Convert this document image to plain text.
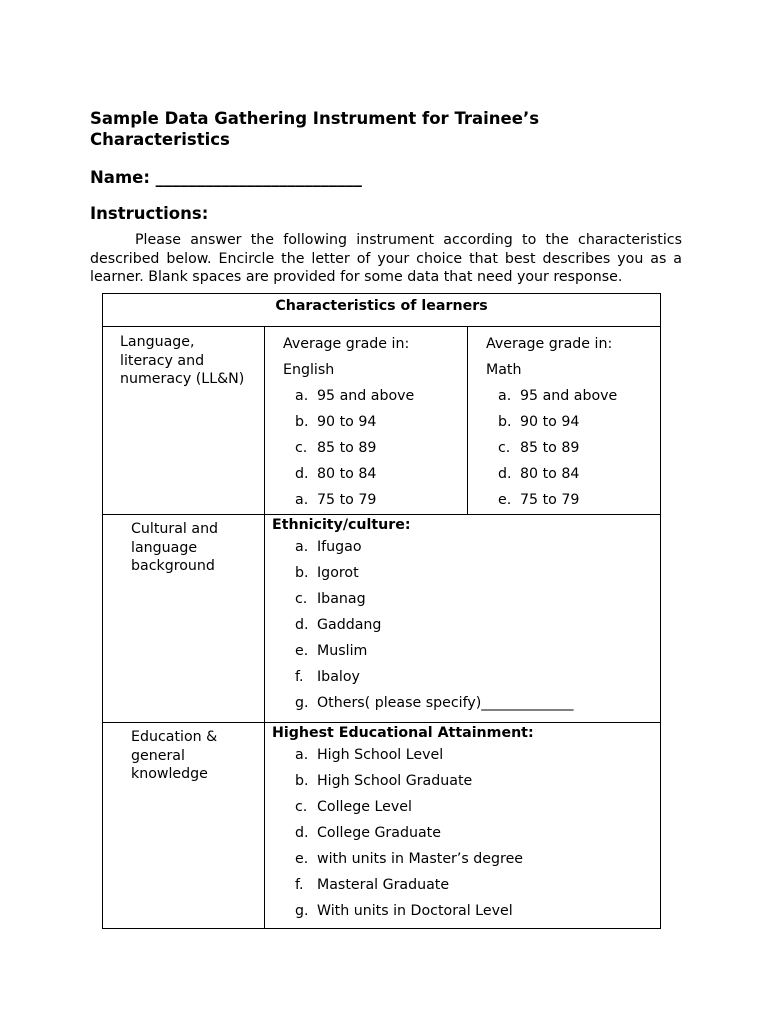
Sample Data Gathering Instrument for Trainee’s Characteristics
Name: _________________________
Instructions:

Please answer the following instrument according to the characteristics described below. Encircle the letter of your choice that best describes you as a learner. Blank spaces are provided for some data that need your response.

Characteristics of learners
Language,
literacy and
numeracy (LL&N)
Average grade in:
English
a. 95 and above
b. 90 to 94
c. 85 to 89
d. 80 to 84
a. 75 to 79
Average grade in:
Math
a. 95 and above
b. 90 to 94
c. 85 to 89
d. 80 to 84
e. 75 to 79
Cultural and
language
background
Ethnicity/culture:
a. Ifugao
b. Igorot
c. Ibanag
d. Gaddang
e. Muslim
f. Ibaloy
g. Others( please specify)_____________
Education &
general
knowledge
Highest Educational Attainment:
a. High School Level
b. High School Graduate
c. College Level
d. College Graduate
e. with units in Master’s degree
f. Masteral Graduate
g. With units in Doctoral Level
